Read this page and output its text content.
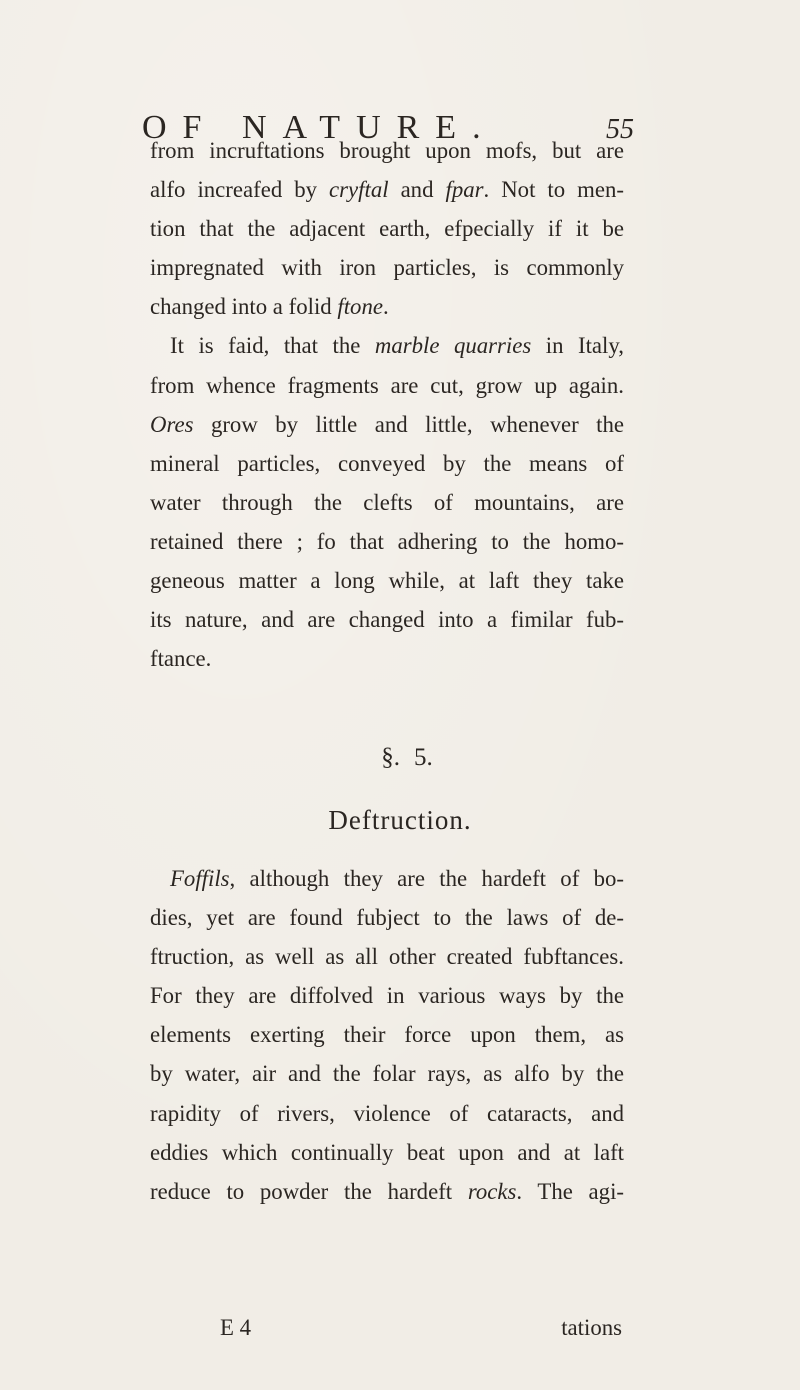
OF NATURE.	55
from incruftations brought upon mofs, but are
alfo increafed by cryftal and fpar. Not to men-
tion that the adjacent earth, efpecially if it be
impregnated with iron particles, is commonly
changed into a folid ftone.
It is faid, that the marble quarries in Italy,
from whence fragments are cut, grow up again.
Ores grow by little and little, whenever the
mineral particles, conveyed by the means of
water through the clefts of mountains, are
retained there ; fo that adhering to the homo-
geneous matter a long while, at laft they take
its nature, and are changed into a fimilar fub-
ftance.
§. 5.
Deftruction.
Foffils, although they are the hardeft of bo-
dies, yet are found fubject to the laws of de-
ftruction, as well as all other created fubftances.
For they are diffolved in various ways by the
elements exerting their force upon them, as
by water, air and the folar rays, as alfo by the
rapidity of rivers, violence of cataracts, and
eddies which continually beat upon and at laft
reduce to powder the hardeft rocks. The agi-
E 4	tations
